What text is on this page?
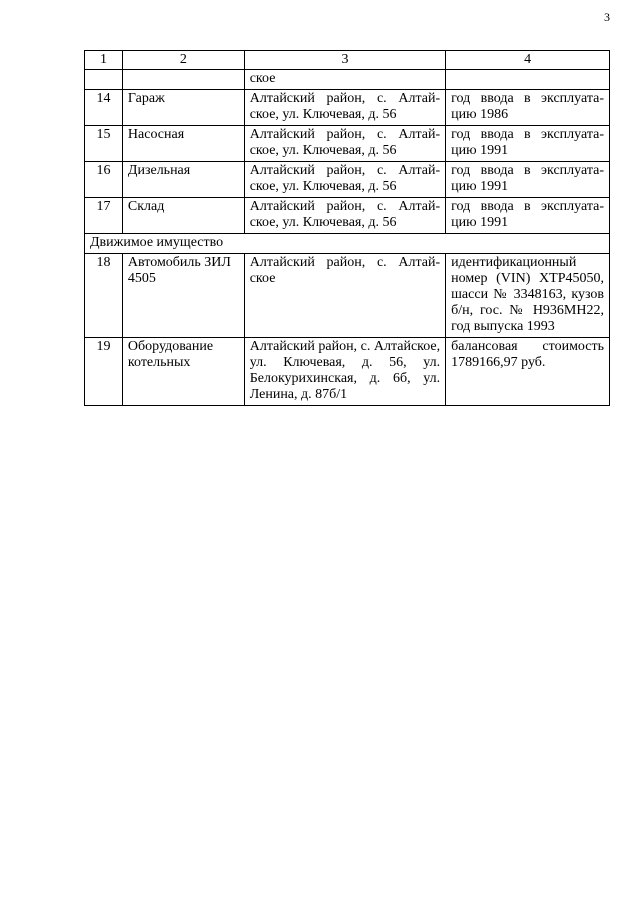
3
1	2	3	4
		ское	
14	Гараж	Алтайский район, с. Алтай-ское, ул. Ключевая, д. 56	год ввода в эксплуата-цию 1986
15	Насосная	Алтайский район, с. Алтай-ское, ул. Ключевая, д. 56	год ввода в эксплуата-цию 1991
16	Дизельная	Алтайский район, с. Алтай-ское, ул. Ключевая, д. 56	год ввода в эксплуата-цию 1991
17	Склад	Алтайский район, с. Алтай-ское, ул. Ключевая, д. 56	год ввода в эксплуата-цию 1991
Движимое имущество			
18	Автомобиль ЗИЛ 4505	Алтайский район, с. Алтай-ское	идентификационный номер (VIN) XTP45050, шасси № 3348163, кузов б/н, гос. № Н936МН22, год выпуска 1993
19	Оборудование котельных	Алтайский район, с. Алтайское, ул. Ключевая, д. 56, ул. Белокурихинская, д. 6б, ул. Ленина, д. 87б/1	балансовая стоимость 1789166,97 руб.
